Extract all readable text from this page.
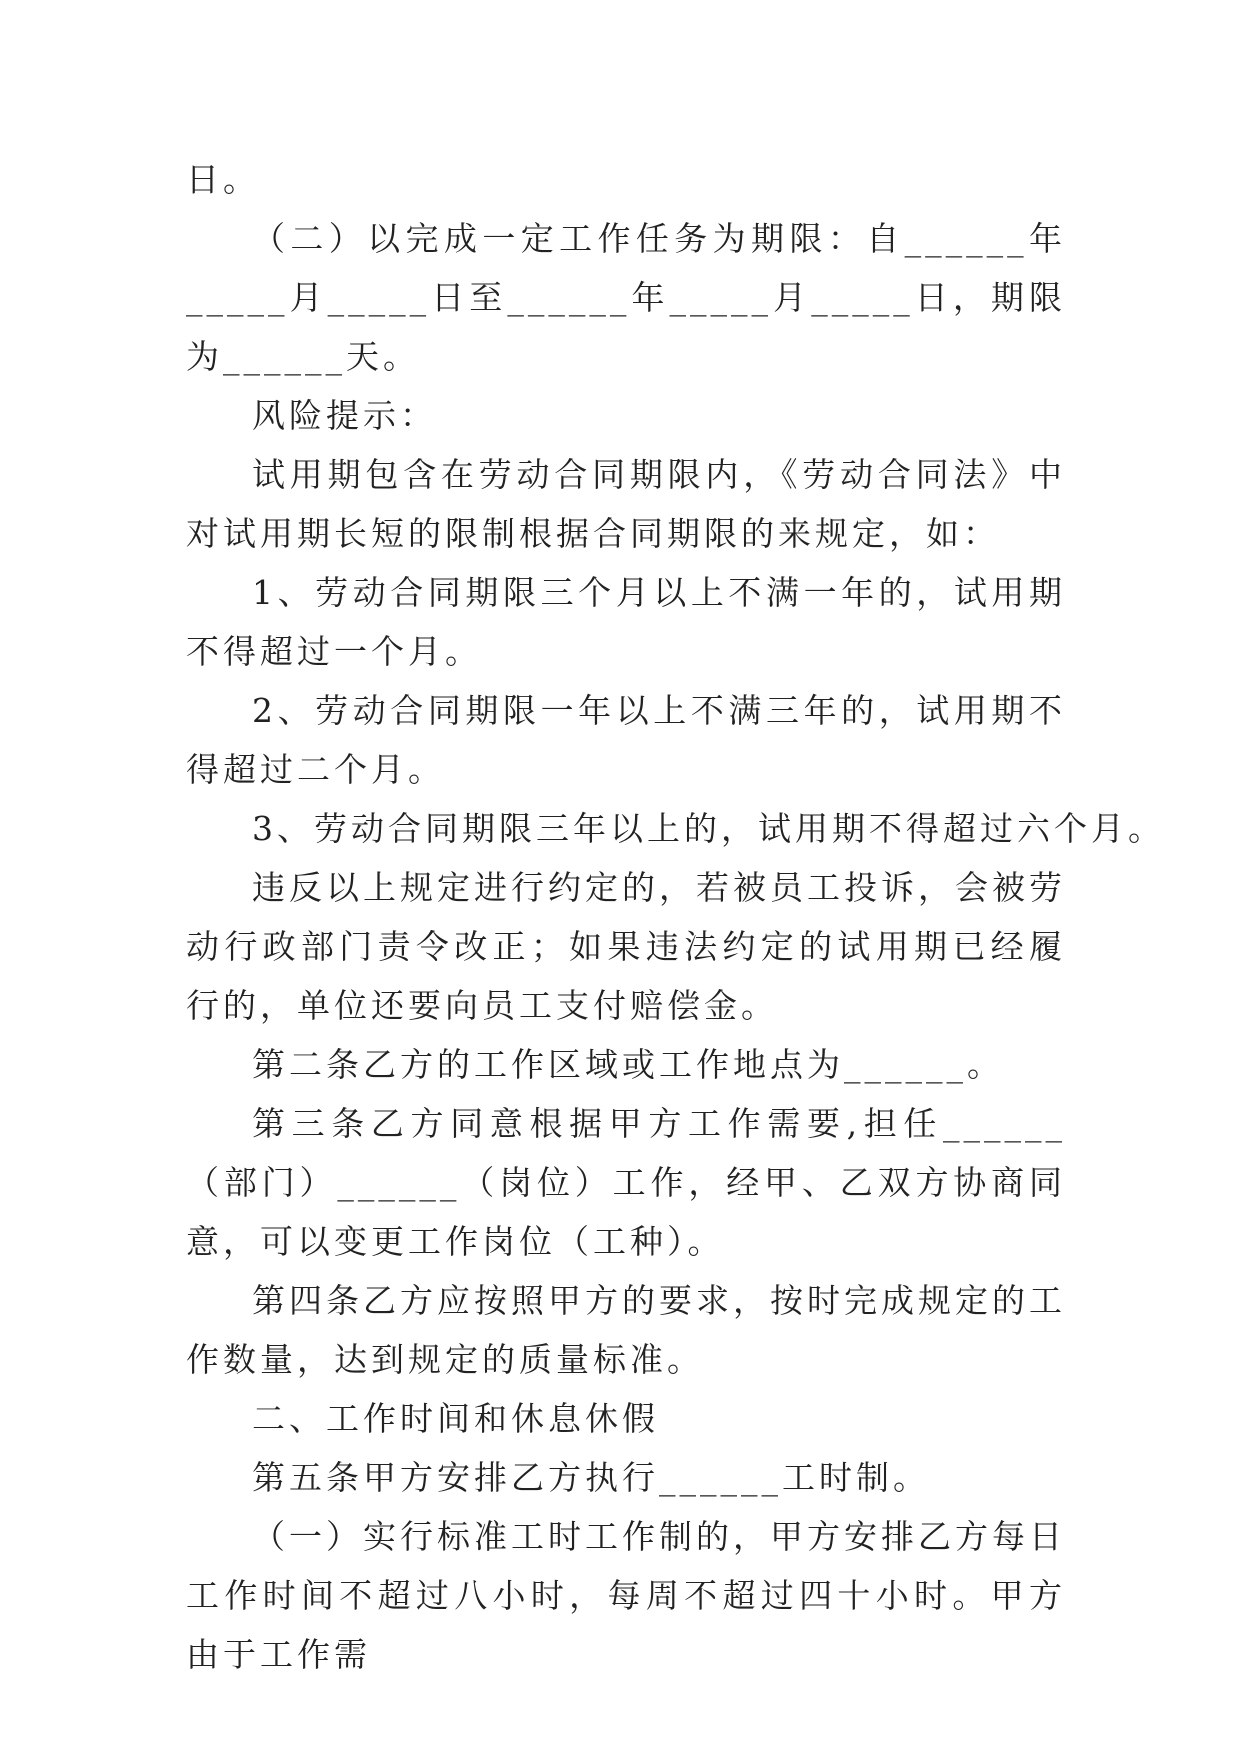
日。

（二）以完成一定工作任务为期限：自______年_____月_____日至______年_____月_____日，期限为______天。

风险提示：

试用期包含在劳动合同期限内，《劳动合同法》中对试用期长短的限制根据合同期限的来规定，如：

1、劳动合同期限三个月以上不满一年的，试用期不得超过一个月。

2、劳动合同期限一年以上不满三年的，试用期不得超过二个月。

3、劳动合同期限三年以上的，试用期不得超过六个月。

违反以上规定进行约定的，若被员工投诉，会被劳动行政部门责令改正；如果违法约定的试用期已经履行的，单位还要向员工支付赔偿金。

第二条乙方的工作区域或工作地点为______。

第三条乙方同意根据甲方工作需要,担任______（部门）______（岗位）工作，经甲、乙双方协商同意，可以变更工作岗位（工种）。

第四条乙方应按照甲方的要求，按时完成规定的工作数量，达到规定的质量标准。

二、工作时间和休息休假

第五条甲方安排乙方执行______工时制。

（一）实行标准工时工作制的，甲方安排乙方每日工作时间不超过八小时，每周不超过四十小时。甲方由于工作需
